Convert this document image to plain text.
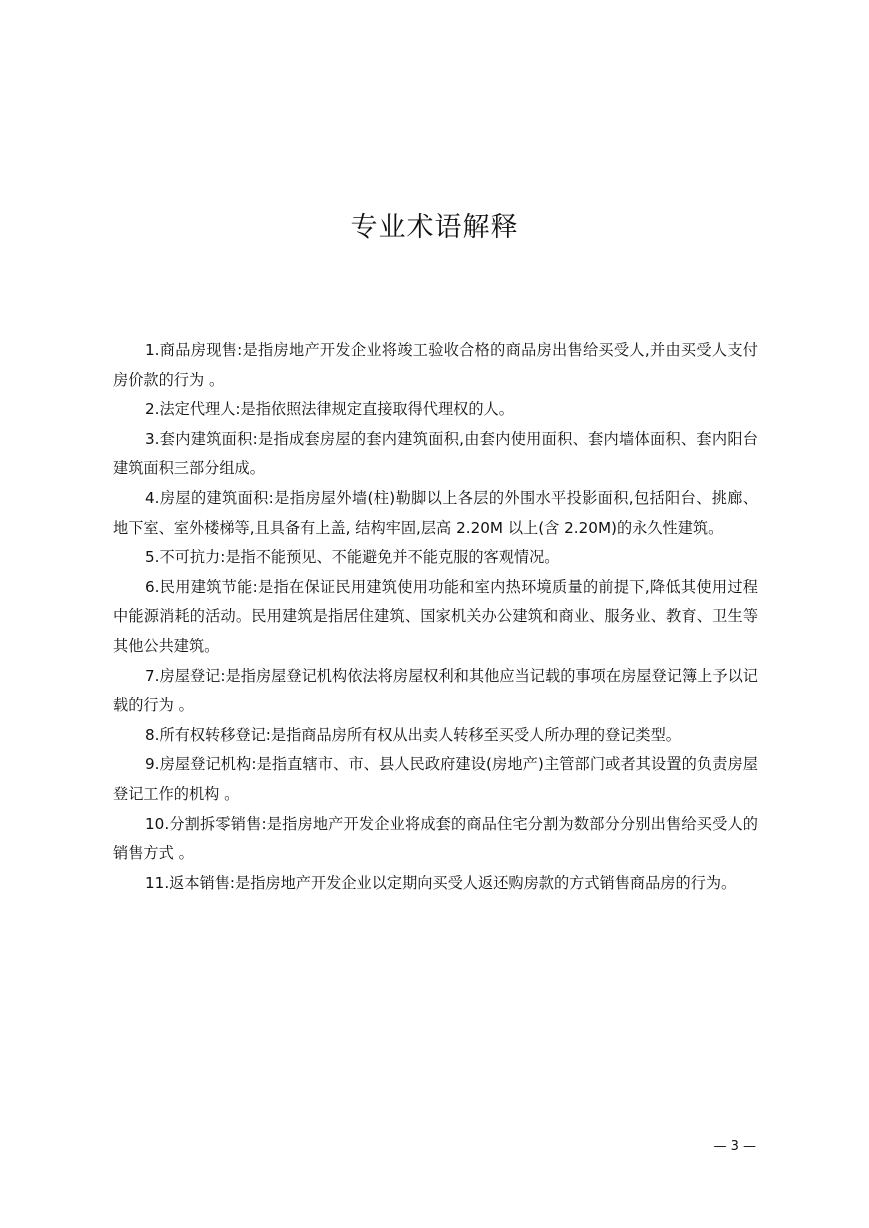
专业术语解释

1.商品房现售:是指房地产开发企业将竣工验收合格的商品房出售给买受人,并由买受人支付房价款的行为 。

2.法定代理人:是指依照法律规定直接取得代理权的人。

3.套内建筑面积:是指成套房屋的套内建筑面积,由套内使用面积、套内墙体面积、套内阳台建筑面积三部分组成。

4.房屋的建筑面积:是指房屋外墙(柱)勒脚以上各层的外围水平投影面积,包括阳台、挑廊、地下室、室外楼梯等,且具备有上盖, 结构牢固,层高 2.20M 以上(含 2.20M)的永久性建筑。

5.不可抗力:是指不能预见、不能避免并不能克服的客观情况。

6.民用建筑节能:是指在保证民用建筑使用功能和室内热环境质量的前提下,降低其使用过程中能源消耗的活动。民用建筑是指居住建筑、国家机关办公建筑和商业、服务业、教育、卫生等其他公共建筑。

7.房屋登记:是指房屋登记机构依法将房屋权利和其他应当记载的事项在房屋登记簿上予以记载的行为 。

8.所有权转移登记:是指商品房所有权从出卖人转移至买受人所办理的登记类型。

9.房屋登记机构:是指直辖市、市、县人民政府建设(房地产)主管部门或者其设置的负责房屋登记工作的机构 。

10.分割拆零销售:是指房地产开发企业将成套的商品住宅分割为数部分分别出售给买受人的销售方式 。

11.返本销售:是指房地产开发企业以定期向买受人返还购房款的方式销售商品房的行为。

— 3 —
